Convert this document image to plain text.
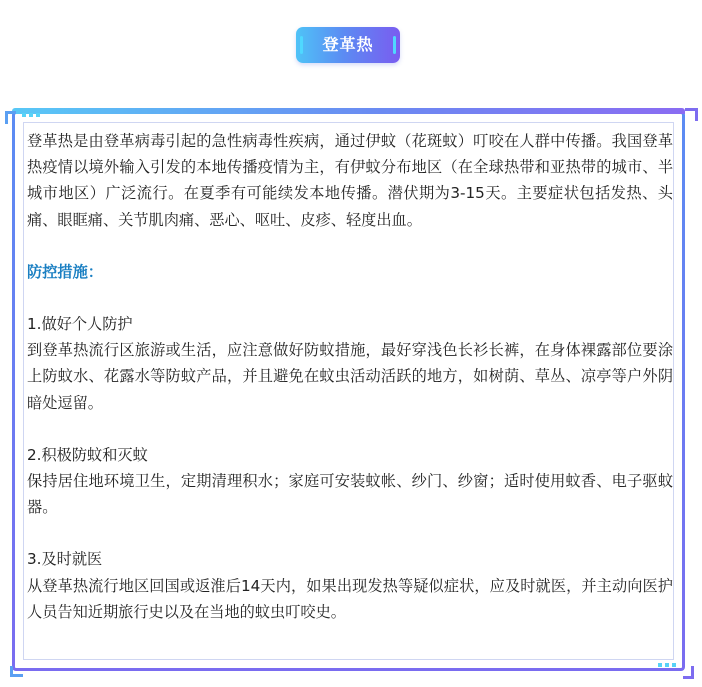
登革热

登革热是由登革病毒引起的急性病毒性疾病，通过伊蚊（花斑蚊）叮咬在人群中传播。我国登革热疫情以境外输入引发的本地传播疫情为主，有伊蚊分布地区（在全球热带和亚热带的城市、半城市地区）广泛流行。在夏季有可能续发本地传播。潜伏期为3-15天。主要症状包括发热、头痛、眼眶痛、关节肌肉痛、恶心、呕吐、皮疹、轻度出血。

防控措施：

1.做好个人防护

到登革热流行区旅游或生活，应注意做好防蚊措施，最好穿浅色长衫长裤，在身体裸露部位要涂上防蚊水、花露水等防蚊产品，并且避免在蚊虫活动活跃的地方，如树荫、草丛、凉亭等户外阴暗处逗留。

2.积极防蚊和灭蚊

保持居住地环境卫生，定期清理积水；家庭可安装蚊帐、纱门、纱窗；适时使用蚊香、电子驱蚊器。

3.及时就医

从登革热流行地区回国或返淮后14天内，如果出现发热等疑似症状，应及时就医，并主动向医护人员告知近期旅行史以及在当地的蚊虫叮咬史。
